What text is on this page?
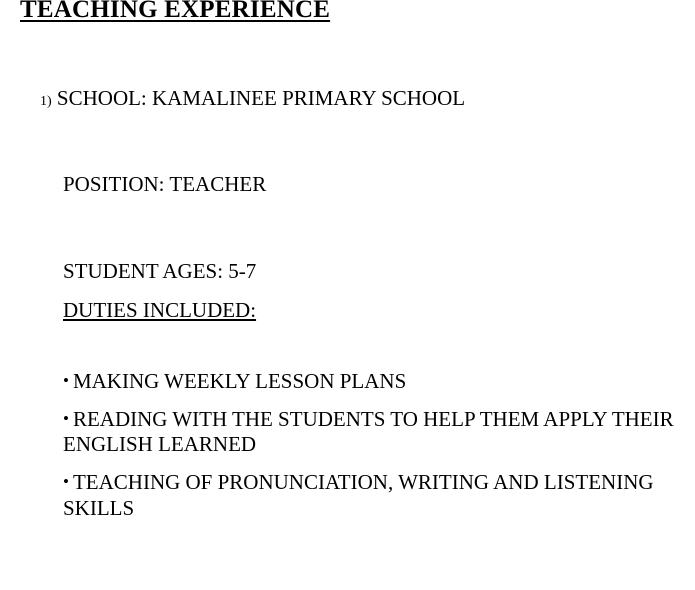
TEACHING EXPERIENCE
1) SCHOOL: KAMALINEE PRIMARY SCHOOL
POSITION: TEACHER
STUDENT AGES: 5-7
DUTIES INCLUDED:
• MAKING WEEKLY LESSON PLANS
• READING WITH THE STUDENTS TO HELP THEM APPLY THEIR ENGLISH LEARNED
• TEACHING OF PRONUNCIATION, WRITING AND LISTENING SKILLS
